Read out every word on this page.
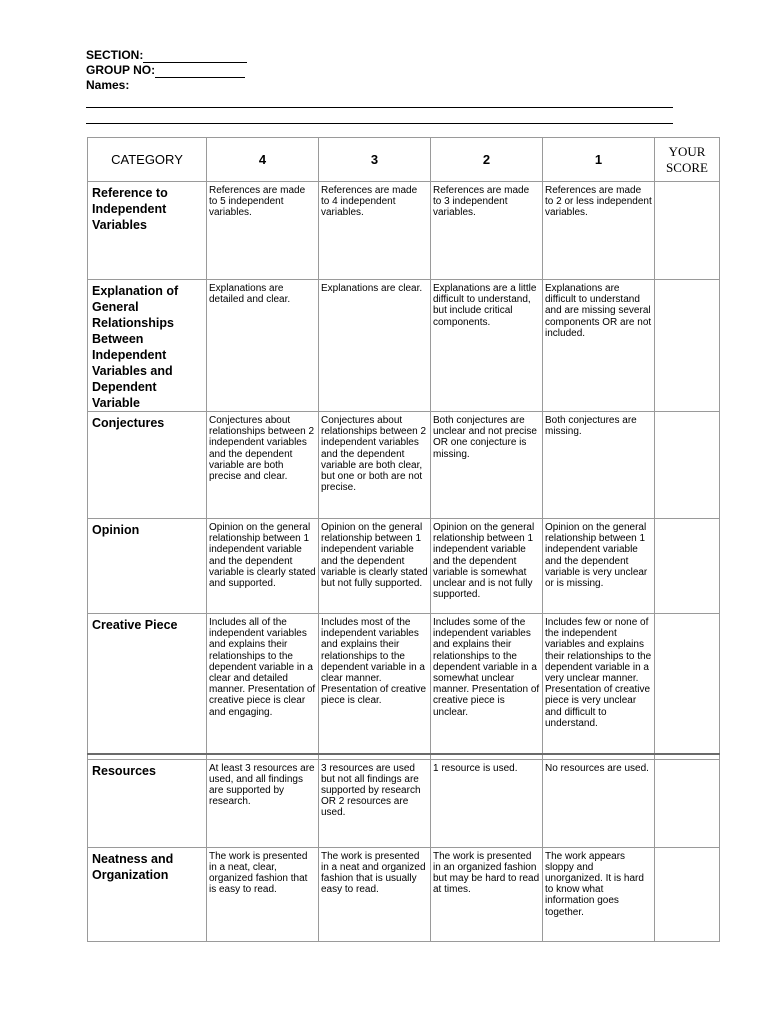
SECTION:
GROUP NO:
Names:
CATEGORY	4	3	2	1	YOUR SCORE
Reference to Independent Variables	References are made to 5 independent variables.	References are made to 4 independent variables.	References are made to 3 independent variables.	References are made to 2 or less independent variables.	
Explanation of General Relationships Between Independent Variables and Dependent Variable	Explanations are detailed and clear.	Explanations are clear.	Explanations are a little difficult to understand, but include critical components.	Explanations are difficult to understand and are missing several components OR are not included.	
Conjectures	Conjectures about relationships between 2 independent variables and the dependent variable are both precise and clear.	Conjectures about relationships between 2 independent variables and the dependent variable are both clear, but one or both are not precise.	Both conjectures are unclear and not precise OR one conjecture is missing.	Both conjectures are missing.	
Opinion	Opinion on the general relationship between 1 independent variable and the dependent variable is clearly stated and supported.	Opinion on the general relationship between 1 independent variable and the dependent variable is clearly stated but not fully supported.	Opinion on the general relationship between 1 independent variable and the dependent variable is somewhat unclear and is not fully supported.	Opinion on the general relationship between 1 independent variable and the dependent variable is very unclear or is missing.	
Creative Piece	Includes all of the independent variables and explains their relationships to the dependent variable in a clear and detailed manner. Presentation of creative piece is clear and engaging.	Includes most of the independent variables and explains their relationships to the dependent variable in a clear manner. Presentation of creative piece is clear.	Includes some of the independent variables and explains their relationships to the dependent variable in a somewhat unclear manner. Presentation of creative piece is unclear.	Includes few or none of the independent variables and explains their relationships to the dependent variable in a very unclear manner. Presentation of creative piece is very unclear and difficult to understand.	

Resources	At least 3 resources are used, and all findings are supported by research.	3 resources are used but not all findings are supported by research OR 2 resources are used.	1 resource is used.	No resources are used.	
Neatness and Organization	The work is presented in a neat, clear, organized fashion that is easy to read.	The work is presented in a neat and organized fashion that is usually easy to read.	The work is presented in an organized fashion but may be hard to read at times.	The work appears sloppy and unorganized. It is hard to know what information goes together.	
